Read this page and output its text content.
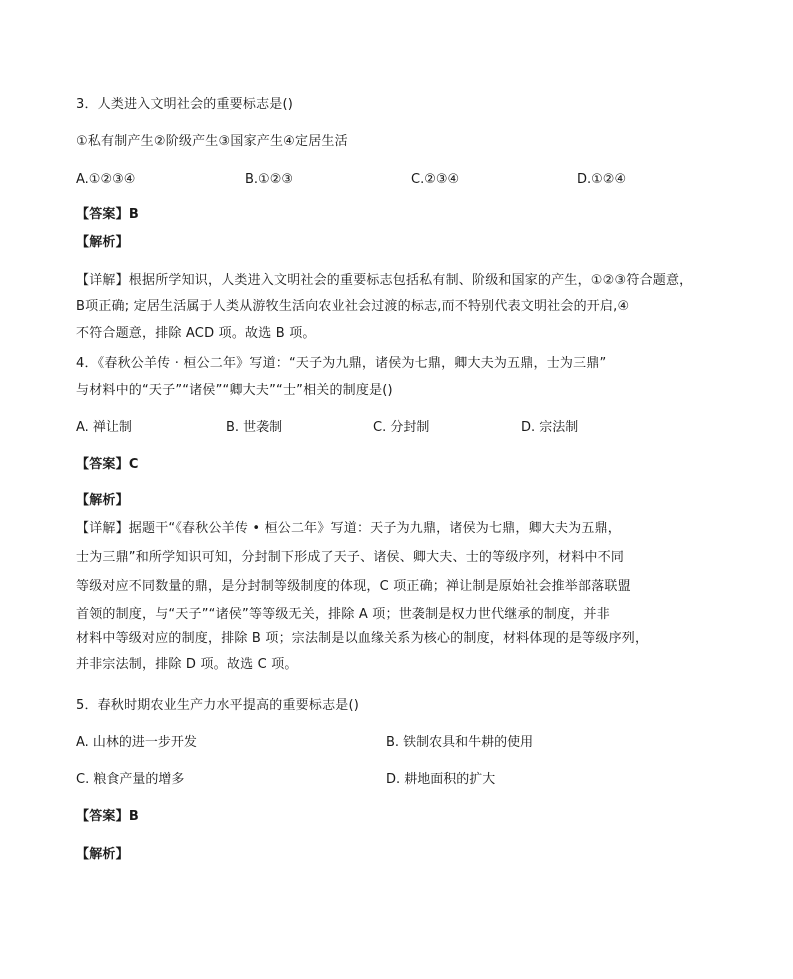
3．人类进入文明社会的重要标志是()
①私有制产生②阶级产生③国家产生④定居生活
A.①②③④	B.①②③	C.②③④	D.①②④
【答案】B
【解析】
【详解】根据所学知识，人类进入文明社会的重要标志包括私有制、阶级和国家的产生，①②③符合题意，
B项正确; 定居生活属于人类从游牧生活向农业社会过渡的标志,而不特别代表文明社会的开启,④
不符合题意，排除 ACD 项。故选 B 项。
4．《春秋公羊传 · 桓公二年》写道：“天子为九鼎，诸侯为七鼎，卿大夫为五鼎，士为三鼎”
与材料中的“天子”“诸侯”“卿大夫”“士”相关的制度是()
A. 禅让制	B. 世袭制	C. 分封制	D. 宗法制
【答案】C
【解析】
【详解】据题干“《春秋公羊传 • 桓公二年》写道：天子为九鼎，诸侯为七鼎，卿大夫为五鼎，
士为三鼎”和所学知识可知，分封制下形成了天子、诸侯、卿大夫、士的等级序列，材料中不同
等级对应不同数量的鼎，是分封制等级制度的体现，C 项正确；禅让制是原始社会推举部落联盟
首领的制度，与“天子”“诸侯”等等级无关，排除 A 项；世袭制是权力世代继承的制度，并非
材料中等级对应的制度，排除 B 项；宗法制是以血缘关系为核心的制度，材料体现的是等级序列，
并非宗法制，排除 D 项。故选 C 项。
5．春秋时期农业生产力水平提高的重要标志是()
A. 山林的进一步开发	B. 铁制农具和牛耕的使用
C. 粮食产量的增多	D. 耕地面积的扩大
【答案】B
【解析】
